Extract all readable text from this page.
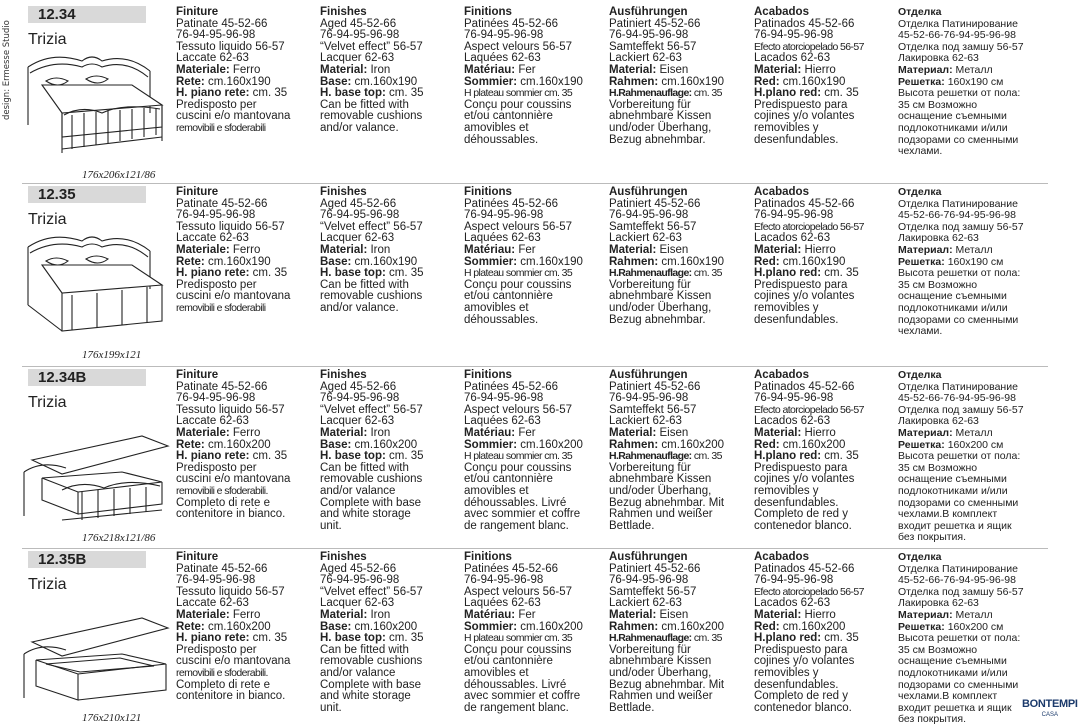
design: Ermesse Studio
12.34
Trizia
176x206x121/86
Finiture
Patinate 45-52-66
76-94-95-96-98
Tessuto liquido 56-57
Laccate 62-63
Materiale: Ferro
Rete: cm.160x190
H. piano rete: cm. 35
Predisposto per
cuscini e/o mantovana
removibili e sfoderabili
Finishes
Aged 45-52-66
76-94-95-96-98
“Velvet effect” 56-57
Lacquer 62-63
Material: Iron
Base: cm.160x190
H. base top: cm. 35
Can be fitted with
removable cushions
and/or valance.
Finitions
Patinées 45-52-66
76-94-95-96-98
Aspect velours 56-57
Laquées 62-63
Matériau: Fer
Sommier: cm.160x190
H plateau sommier cm. 35
Conçu pour coussins
et/ou cantonnière
amovibles et
déhoussables.
Ausführungen
Patiniert 45-52-66
76-94-95-96-98
Samteffekt 56-57
Lackiert 62-63
Material: Eisen
Rahmen: cm.160x190
H.Rahmenauflage: cm. 35
Vorbereitung für
abnehmbare Kissen
und/oder Überhang,
Bezug abnehmbar.
Acabados
Patinados 45-52-66
76-94-95-96-98
Efecto atorciopelado 56-57
Lacados 62-63
Material: Hierro
Red: cm.160x190
H.plano red: cm. 35
Predispuesto para
cojines y/o volantes
removibles y
desenfundables.
Отделка
Отделка Патинирование
45-52-66-76-94-95-96-98
Отделка под замшу 56-57
Лакировка 62-63
Материал: Металл
Решетка: 160x190 см
Высота решетки от пола:
35 см Возможно
оснащение съемными
подлокотниками и/или
подзорами со сменными
чехлами.
12.35
Trizia
176x199x121
Finiture
Patinate 45-52-66
76-94-95-96-98
Tessuto liquido 56-57
Laccate 62-63
Materiale: Ferro
Rete: cm.160x190
H. piano rete: cm. 35
Predisposto per
cuscini e/o mantovana
removibili e sfoderabili
Finishes
Aged 45-52-66
76-94-95-96-98
“Velvet effect” 56-57
Lacquer 62-63
Material: Iron
Base: cm.160x190
H. base top: cm. 35
Can be fitted with
removable cushions
and/or valance.
Finitions
Patinées 45-52-66
76-94-95-96-98
Aspect velours 56-57
Laquées 62-63
Matériau: Fer
Sommier: cm.160x190
H plateau sommier cm. 35
Conçu pour coussins
et/ou cantonnière
amovibles et
déhoussables.
Ausführungen
Patiniert 45-52-66
76-94-95-96-98
Samteffekt 56-57
Lackiert 62-63
Material: Eisen
Rahmen: cm.160x190
H.Rahmenauflage: cm. 35
Vorbereitung für
abnehmbare Kissen
und/oder Überhang,
Bezug abnehmbar.
Acabados
Patinados 45-52-66
76-94-95-96-98
Efecto atorciopelado 56-57
Lacados 62-63
Material: Hierro
Red: cm.160x190
H.plano red: cm. 35
Predispuesto para
cojines y/o volantes
removibles y
desenfundables.
Отделка
Отделка Патинирование
45-52-66-76-94-95-96-98
Отделка под замшу 56-57
Лакировка 62-63
Материал: Металл
Решетка: 160x190 см
Высота решетки от пола:
35 см Возможно
оснащение съемными
подлокотниками и/или
подзорами со сменными
чехлами.
12.34B
Trizia
176x218x121/86
Finiture
Patinate 45-52-66
76-94-95-96-98
Tessuto liquido 56-57
Laccate 62-63
Materiale: Ferro
Rete: cm.160x200
H. piano rete: cm. 35
Predisposto per
cuscini e/o mantovana
removibili e sfoderabili.
Completo di rete e
contenitore in bianco.
Finishes
Aged 45-52-66
76-94-95-96-98
“Velvet effect” 56-57
Lacquer 62-63
Material: Iron
Base: cm.160x200
H. base top: cm. 35
Can be fitted with
removable cushions
and/or valance
Complete with base
and white storage
unit.
Finitions
Patinées 45-52-66
76-94-95-96-98
Aspect velours 56-57
Laquées 62-63
Matériau: Fer
Sommier: cm.160x200
H plateau sommier cm. 35
Conçu pour coussins
et/ou cantonnière
amovibles et
déhoussables. Livré
avec sommier et coffre
de rangement blanc.
Ausführungen
Patiniert 45-52-66
76-94-95-96-98
Samteffekt 56-57
Lackiert 62-63
Material: Eisen
Rahmen: cm.160x200
H.Rahmenauflage: cm. 35
Vorbereitung für
abnehmbare Kissen
und/oder Überhang,
Bezug abnehmbar. Mit
Rahmen und weißer
Bettlade.
Acabados
Patinados 45-52-66
76-94-95-96-98
Efecto atorciopelado 56-57
Lacados 62-63
Material: Hierro
Red: cm.160x200
H.plano red: cm. 35
Predispuesto para
cojines y/o volantes
removibles y
desenfundables.
Completo de red y
contenedor blanco.
Отделка
Отделка Патинирование
45-52-66-76-94-95-96-98
Отделка под замшу 56-57
Лакировка 62-63
Материал: Металл
Решетка: 160x200 см
Высота решетки от пола:
35 см Возможно
оснащение съемными
подлокотниками и/или
подзорами со сменными
чехлами.В комплект
входит решетка и ящик
без покрытия.
12.35B
Trizia
176x210x121
Finiture
Patinate 45-52-66
76-94-95-96-98
Tessuto liquido 56-57
Laccate 62-63
Materiale: Ferro
Rete: cm.160x200
H. piano rete: cm. 35
Predisposto per
cuscini e/o mantovana
removibili e sfoderabili.
Completo di rete e
contenitore in bianco.
Finishes
Aged 45-52-66
76-94-95-96-98
“Velvet effect” 56-57
Lacquer 62-63
Material: Iron
Base: cm.160x200
H. base top: cm. 35
Can be fitted with
removable cushions
and/or valance
Complete with base
and white storage
unit.
Finitions
Patinées 45-52-66
76-94-95-96-98
Aspect velours 56-57
Laquées 62-63
Matériau: Fer
Sommier: cm.160x200
H plateau sommier cm. 35
Conçu pour coussins
et/ou cantonnière
amovibles et
déhoussables. Livré
avec sommier et coffre
de rangement blanc.
Ausführungen
Patiniert 45-52-66
76-94-95-96-98
Samteffekt 56-57
Lackiert 62-63
Material: Eisen
Rahmen: cm.160x200
H.Rahmenauflage: cm. 35
Vorbereitung für
abnehmbare Kissen
und/oder Überhang,
Bezug abnehmbar. Mit
Rahmen und weißer
Bettlade.
Acabados
Patinados 45-52-66
76-94-95-96-98
Efecto atorciopelado 56-57
Lacados 62-63
Material: Hierro
Red: cm.160x200
H.plano red: cm. 35
Predispuesto para
cojines y/o volantes
removibles y
desenfundables.
Completo de red y
contenedor blanco.
Отделка
Отделка Патинирование
45-52-66-76-94-95-96-98
Отделка под замшу 56-57
Лакировка 62-63
Материал: Металл
Решетка: 160x200 см
Высота решетки от пола:
35 см Возможно
оснащение съемными
подлокотниками и/или
подзорами со сменными
чехлами.В комплект
входит решетка и ящик
без покрытия.
BONTEMPI
CASA
